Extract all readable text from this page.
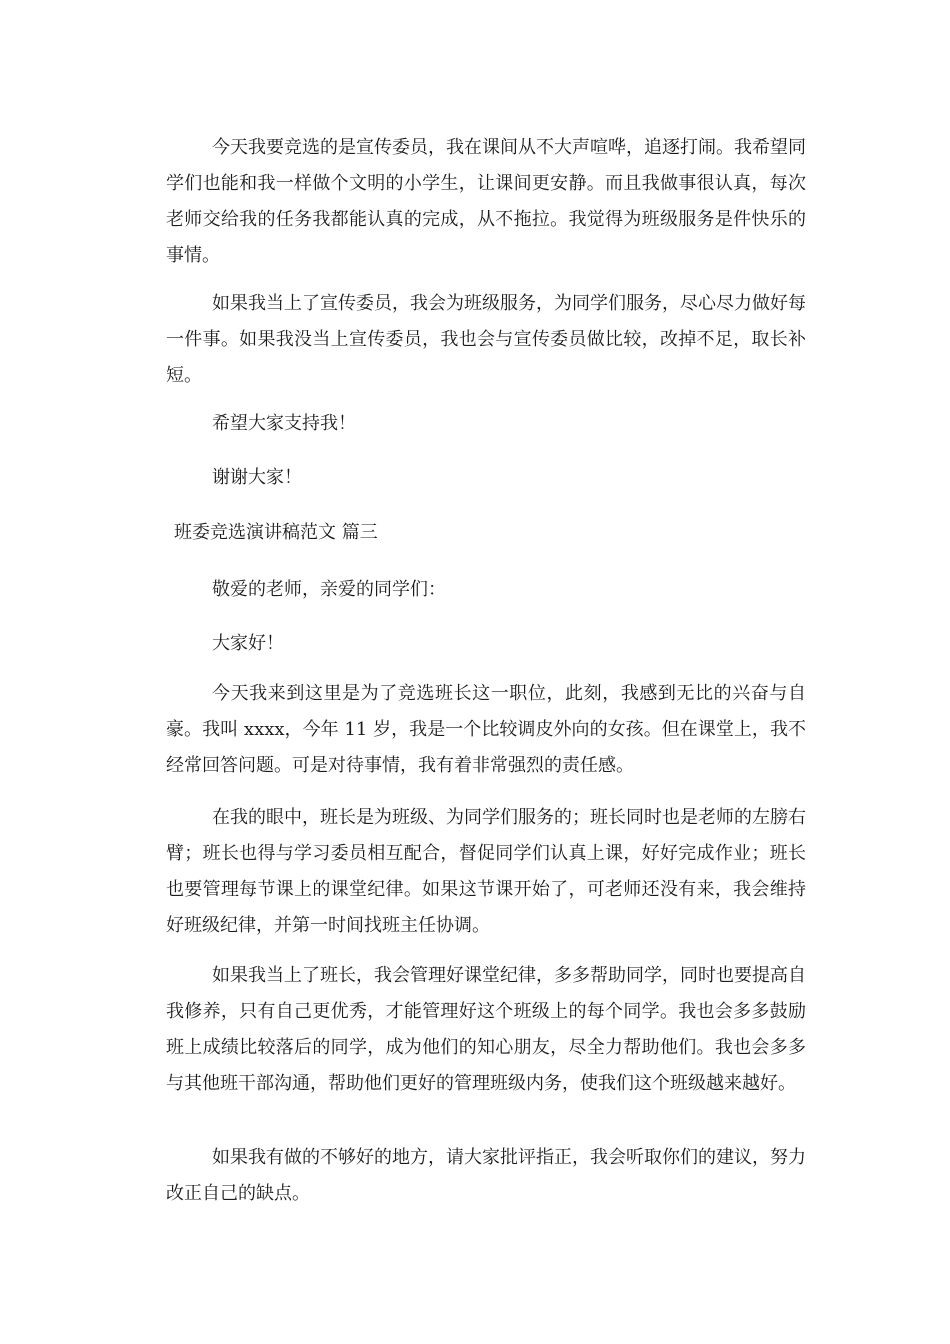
今天我要竞选的是宣传委员，我在课间从不大声喧哗，追逐打闹。我希望同学们也能和我一样做个文明的小学生，让课间更安静。而且我做事很认真，每次老师交给我的任务我都能认真的完成，从不拖拉。我觉得为班级服务是件快乐的事情。

如果我当上了宣传委员，我会为班级服务，为同学们服务，尽心尽力做好每一件事。如果我没当上宣传委员，我也会与宣传委员做比较，改掉不足，取长补短。

希望大家支持我！

谢谢大家！

班委竞选演讲稿范文 篇三

敬爱的老师，亲爱的同学们：

大家好！

今天我来到这里是为了竞选班长这一职位，此刻，我感到无比的兴奋与自豪。我叫 xxxx，今年 11 岁，我是一个比较调皮外向的女孩。但在课堂上，我不经常回答问题。可是对待事情，我有着非常强烈的责任感。

在我的眼中，班长是为班级、为同学们服务的；班长同时也是老师的左膀右臂；班长也得与学习委员相互配合，督促同学们认真上课，好好完成作业；班长也要管理每节课上的课堂纪律。如果这节课开始了，可老师还没有来，我会维持好班级纪律，并第一时间找班主任协调。

如果我当上了班长，我会管理好课堂纪律，多多帮助同学，同时也要提高自我修养，只有自己更优秀，才能管理好这个班级上的每个同学。我也会多多鼓励班上成绩比较落后的同学，成为他们的知心朋友，尽全力帮助他们。我也会多多与其他班干部沟通，帮助他们更好的管理班级内务，使我们这个班级越来越好。

如果我有做的不够好的地方，请大家批评指正，我会听取你们的建议，努力改正自己的缺点。
